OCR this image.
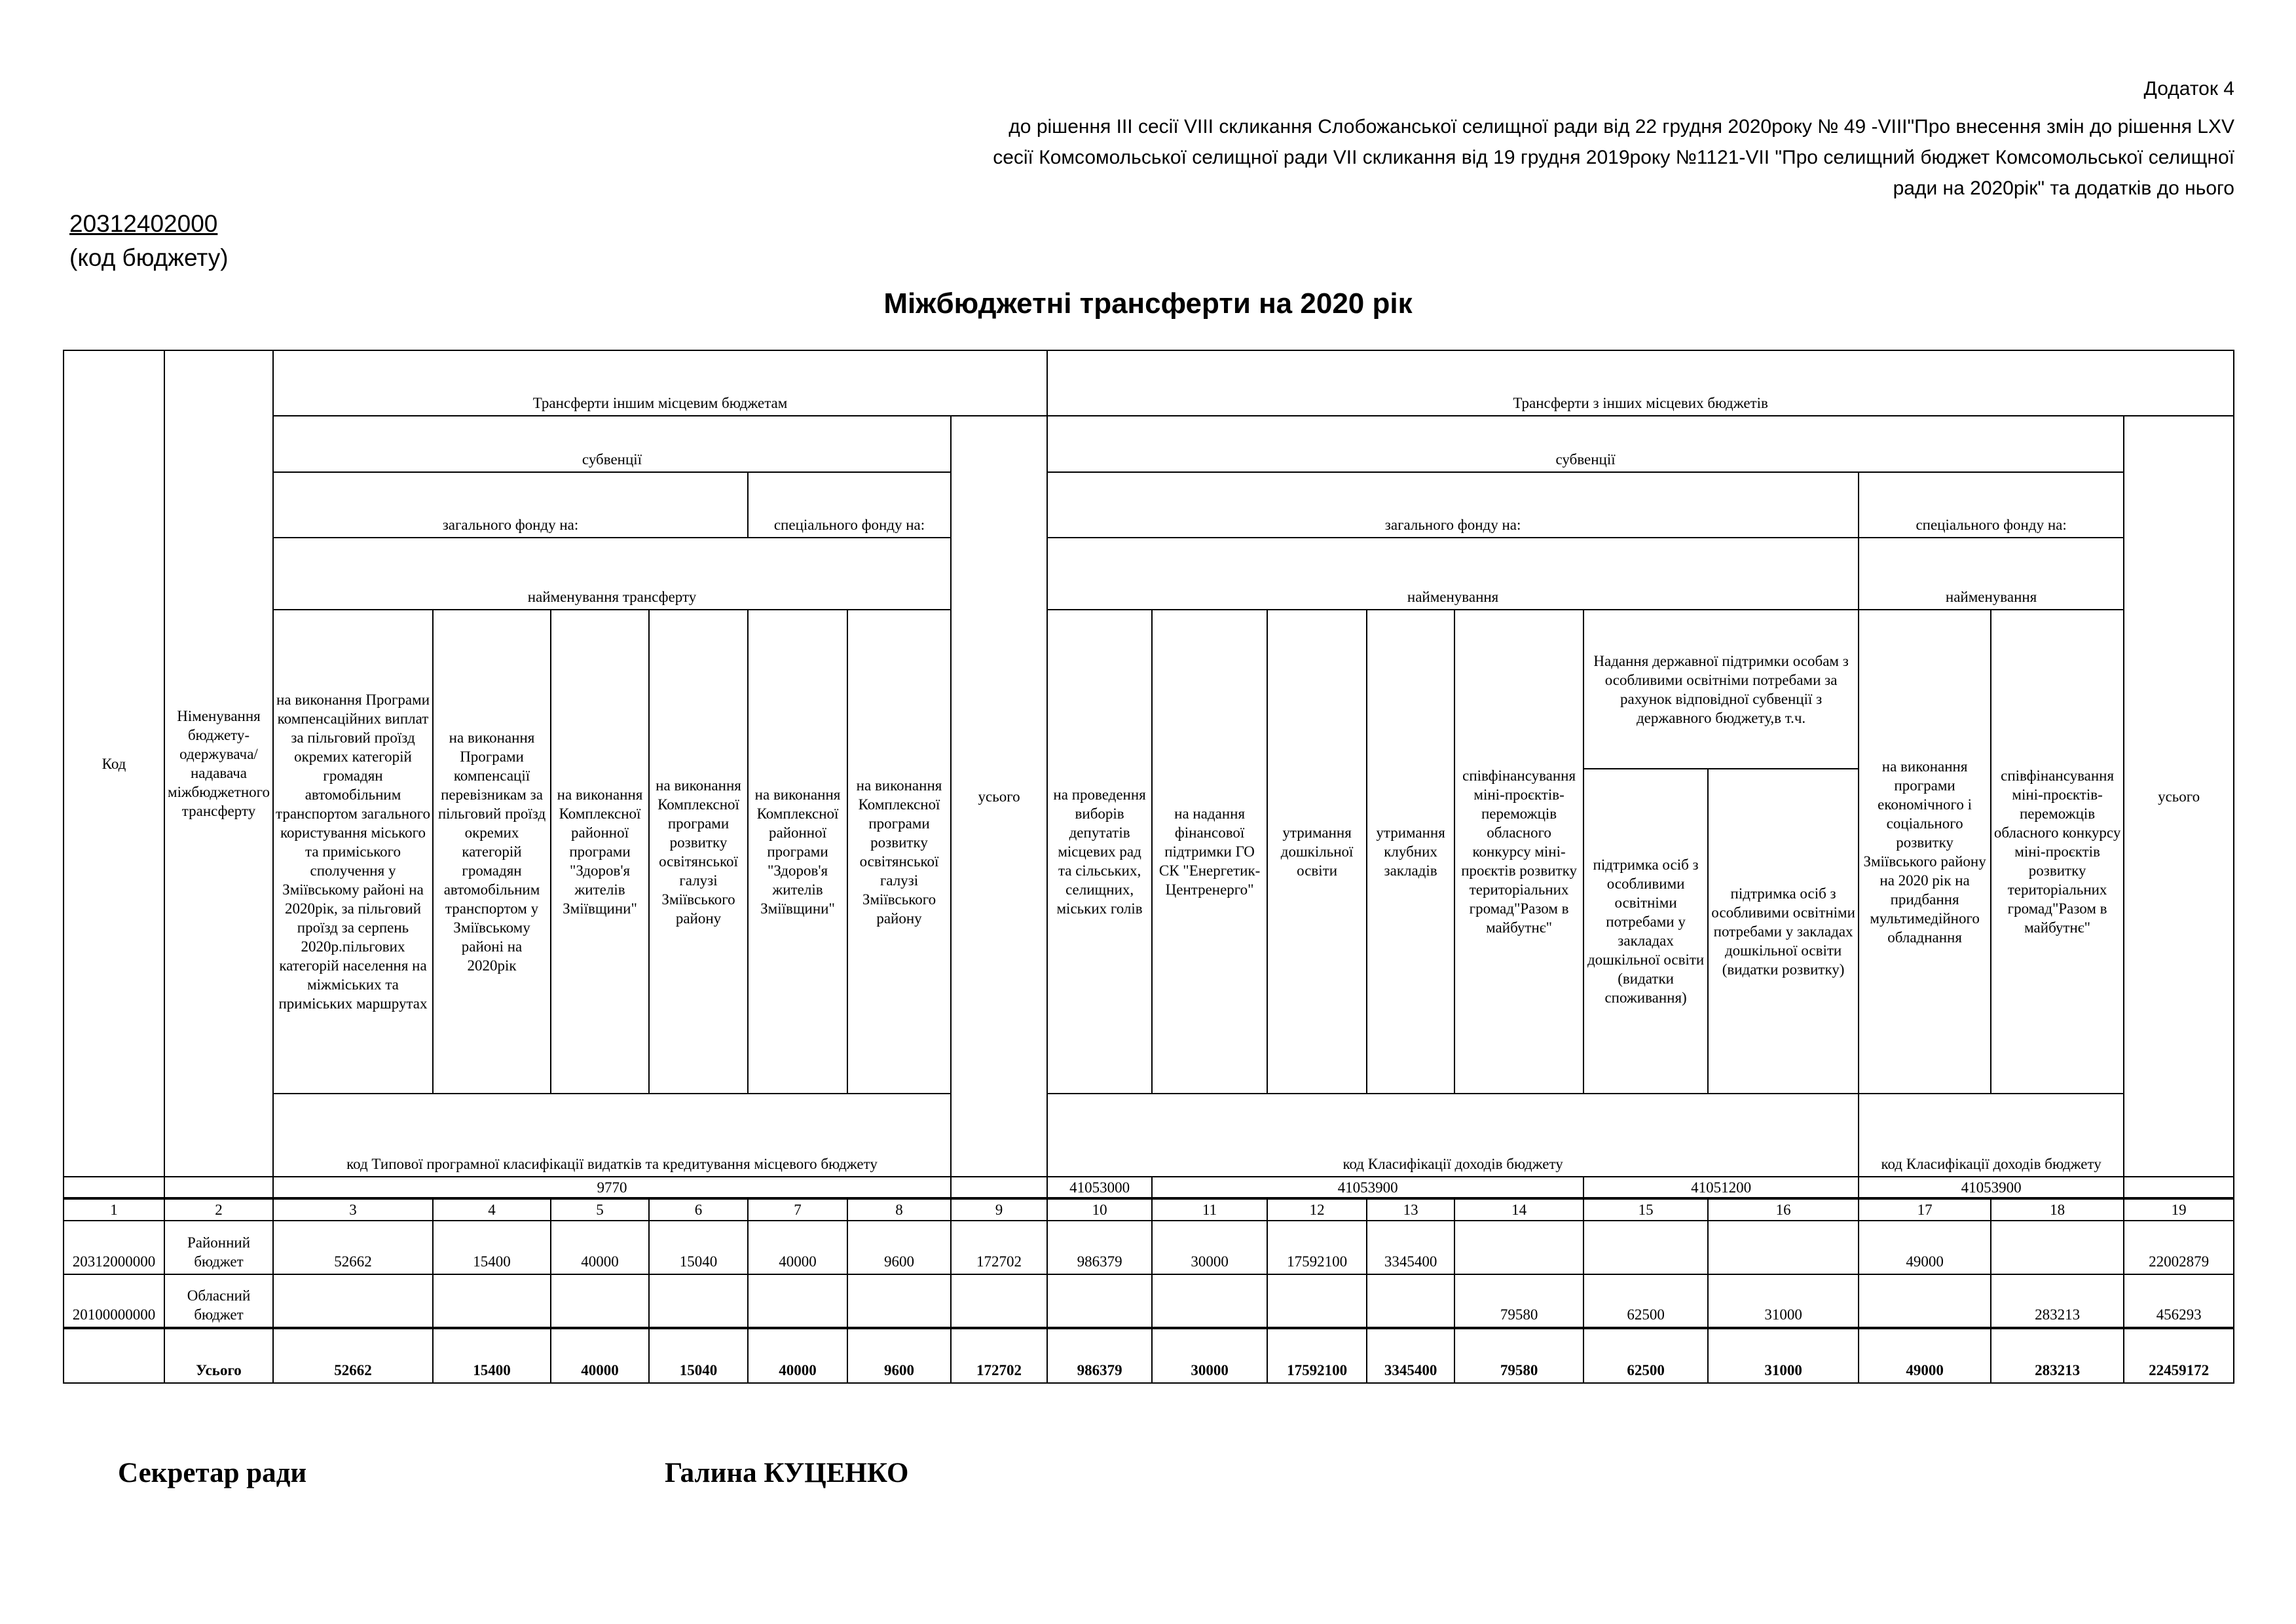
Додаток 4
до рішення III сесії VIII скликання Слобожанської селищної ради від 22 грудня 2020року № 49 -VIII"Про внесення змін до рішення LXV
сесії Комсомольської селищної ради VII скликання від 19 грудня 2019року №1121-VII "Про селищний бюджет Комсомольської селищної
ради на 2020рік" та додатків до нього
20312402000
(код бюджету)
Міжбюджетні трансферти на 2020 рік
Код	Німенування бюджету-одержувача/надавача міжбюджетного трансферту	Трансферти іншим місцевим бюджетам							Трансферти з інших місцевих бюджетів									
		субвенції						усього	субвенції									усього
		загального фонду на:				спеціального фонду на:			загального фонду на:							спеціального фонду на:		
		найменування трансферту							найменування							найменування		
		на виконання Програми компенсаційних виплат за пільговий проїзд окремих категорій громадян автомобільним транспортом загального користування міського та приміського сполучення у Зміївському районі на 2020рік, за пільговий проїзд за серпень 2020р.пільгових категорій населення на міжміських та приміських маршрутах	на виконання Програми компенсації перевізникам за пільговий проїзд окремих категорій громадян автомобільним транспортом у Зміївському районі на 2020рік	на виконання Комплексної районної програми "Здоров'я жителів Зміївщини"	на виконання Комплексної програми розвитку освітянської галузі Зміївського району	на виконання Комплексної районної програми "Здоров'я жителів Зміївщини"	на виконання Комплексної програми розвитку освітянської галузі Зміївського району		на проведення виборів депутатів місцевих рад та сільських, селищних, міських голів	на надання фінансової підтримки ГО СК "Енергетик-Центренерго"	утримання дошкільної освіти	утримання клубних закладів	співфінансування міні-проєктів-переможців обласного конкурсу міні-проєктів розвитку територіальних громад"Разом в майбутнє"	Надання державної підтримки особам з особливими освітніми потребами за рахунок відповідної субвенції з державного бюджету,в т.ч.		на виконання програми економічного і соціального розвитку Зміївського району на 2020 рік на придбання мультимедійного обладнання	співфінансування міні-проєктів-переможців обласного конкурсу міні-проєктів розвитку територіальних громад"Разом в майбутнє"	
														підтримка осіб з особливими освітніми потребами у закладах дошкільної освіти (видатки споживання)	підтримка осіб з особливими освітніми потребами у закладах дошкільної освіти (видатки розвитку)			
		код Типової програмної класифікації видатків та кредитування місцевого бюджету							код Класифікації доходів бюджету							код Класифікації доходів бюджету		
		9770							41053000	41053900				41051200		41053900		
1	2	3	4	5	6	7	8	9	10	11	12	13	14	15	16	17	18	19
20312000000	Районний бюджет	52662	15400	40000	15040	40000	9600	172702	986379	30000	17592100	3345400				49000		22002879
20100000000	Обласний бюджет												79580	62500	31000		283213	456293
	Усього	52662	15400	40000	15040	40000	9600	172702	986379	30000	17592100	3345400	79580	62500	31000	49000	283213	22459172
Секретар ради	Галина КУЦЕНКО
